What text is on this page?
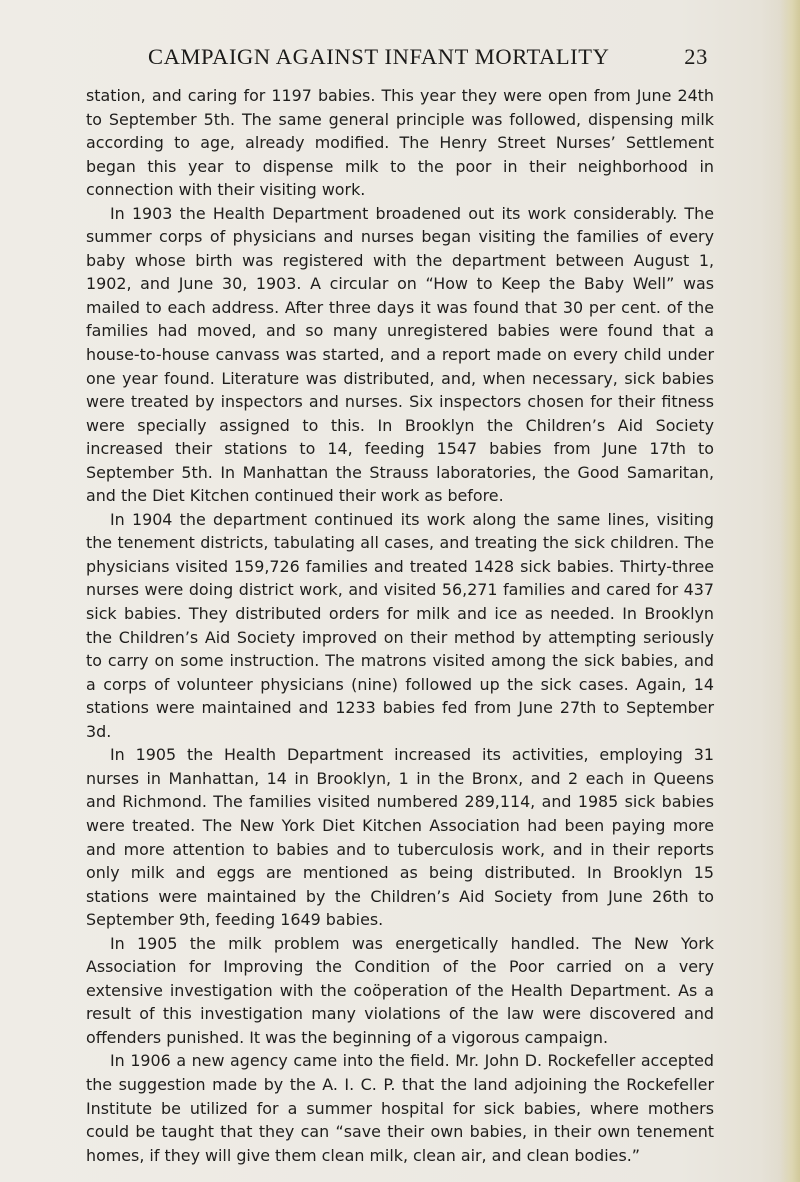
CAMPAIGN AGAINST INFANT MORTALITY	23

station, and caring for 1197 babies. This year they were open from June 24th to September 5th. The same general principle was followed, dispensing milk according to age, already modified. The Henry Street Nurses’ Settlement began this year to dispense milk to the poor in their neighborhood in connection with their visiting work.

In 1903 the Health Department broadened out its work considerably. The summer corps of physicians and nurses began visiting the families of every baby whose birth was registered with the department between August 1, 1902, and June 30, 1903. A circular on “How to Keep the Baby Well” was mailed to each address. After three days it was found that 30 per cent. of the families had moved, and so many unregistered babies were found that a house-to-house canvass was started, and a report made on every child under one year found. Literature was distributed, and, when necessary, sick babies were treated by inspectors and nurses. Six inspectors chosen for their fitness were specially assigned to this. In Brooklyn the Children’s Aid Society increased their stations to 14, feeding 1547 babies from June 17th to September 5th. In Manhattan the Strauss laboratories, the Good Samaritan, and the Diet Kitchen continued their work as before.

In 1904 the department continued its work along the same lines, visiting the tenement districts, tabulating all cases, and treating the sick children. The physicians visited 159,726 families and treated 1428 sick babies. Thirty-three nurses were doing district work, and visited 56,271 families and cared for 437 sick babies. They distributed orders for milk and ice as needed. In Brooklyn the Children’s Aid Society improved on their method by attempting seriously to carry on some instruction. The matrons visited among the sick babies, and a corps of volunteer physicians (nine) followed up the sick cases. Again, 14 stations were maintained and 1233 babies fed from June 27th to September 3d.

In 1905 the Health Department increased its activities, employing 31 nurses in Manhattan, 14 in Brooklyn, 1 in the Bronx, and 2 each in Queens and Richmond. The families visited numbered 289,114, and 1985 sick babies were treated. The New York Diet Kitchen Association had been paying more and more attention to babies and to tuberculosis work, and in their reports only milk and eggs are mentioned as being distributed. In Brooklyn 15 stations were maintained by the Children’s Aid Society from June 26th to September 9th, feeding 1649 babies.

In 1905 the milk problem was energetically handled. The New York Association for Improving the Condition of the Poor carried on a very extensive investigation with the coöperation of the Health Department. As a result of this investigation many violations of the law were discovered and offenders punished. It was the beginning of a vigorous campaign.

In 1906 a new agency came into the field. Mr. John D. Rockefeller accepted the suggestion made by the A. I. C. P. that the land adjoining the Rockefeller Institute be utilized for a summer hospital for sick babies, where mothers could be taught that they can “save their own babies, in their own tenement homes, if they will give them clean milk, clean air, and clean bodies.”
